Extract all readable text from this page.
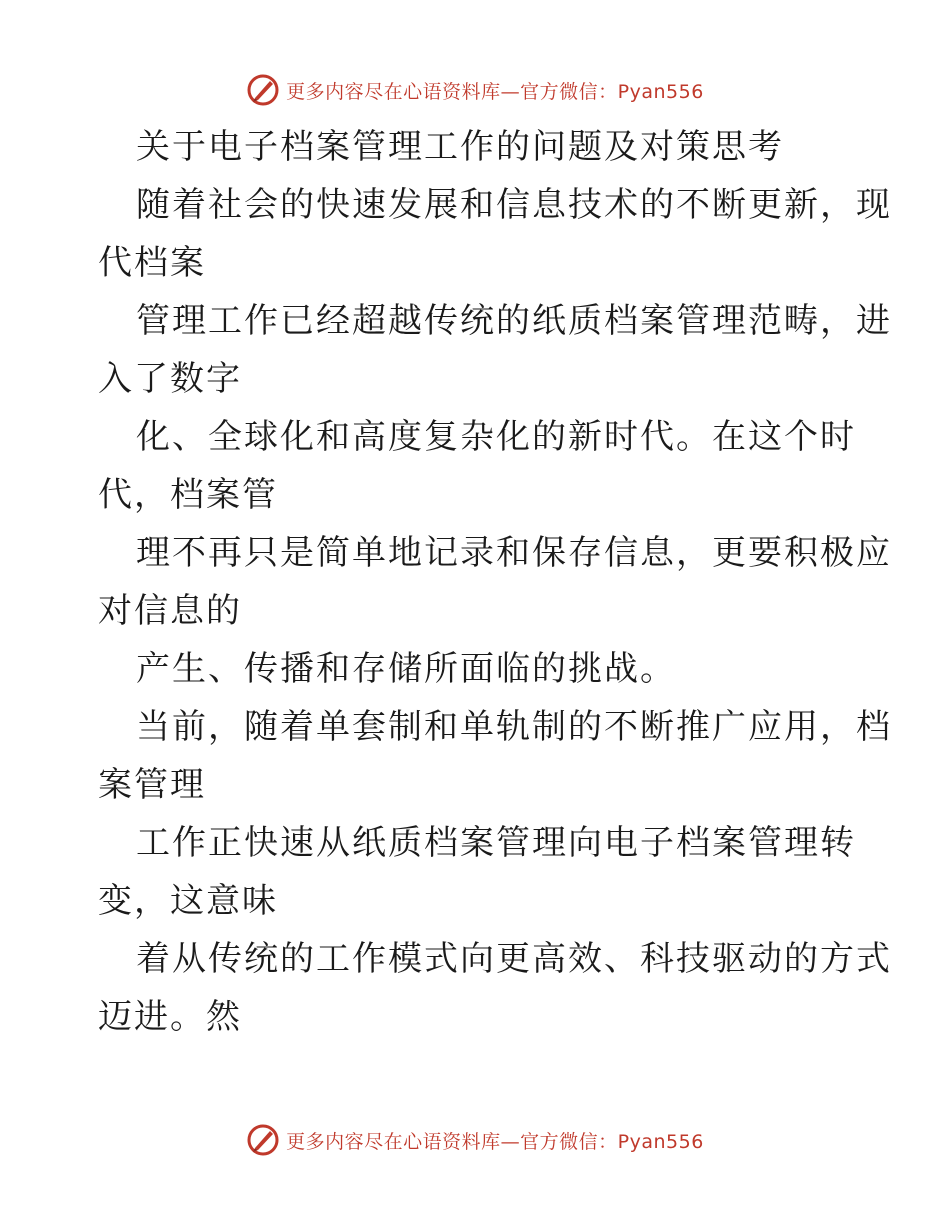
更多内容尽在心语资料库—官方微信：Pyan556
关于电子档案管理工作的问题及对策思考
随着社会的快速发展和信息技术的不断更新，现
代档案
管理工作已经超越传统的纸质档案管理范畴，进
入了数字
化、全球化和高度复杂化的新时代。在这个时
代，档案管
理不再只是简单地记录和保存信息，更要积极应
对信息的
产生、传播和存储所面临的挑战。
当前，随着单套制和单轨制的不断推广应用，档
案管理
工作正快速从纸质档案管理向电子档案管理转
变，这意味
着从传统的工作模式向更高效、科技驱动的方式
迈进。然
更多内容尽在心语资料库—官方微信：Pyan556
